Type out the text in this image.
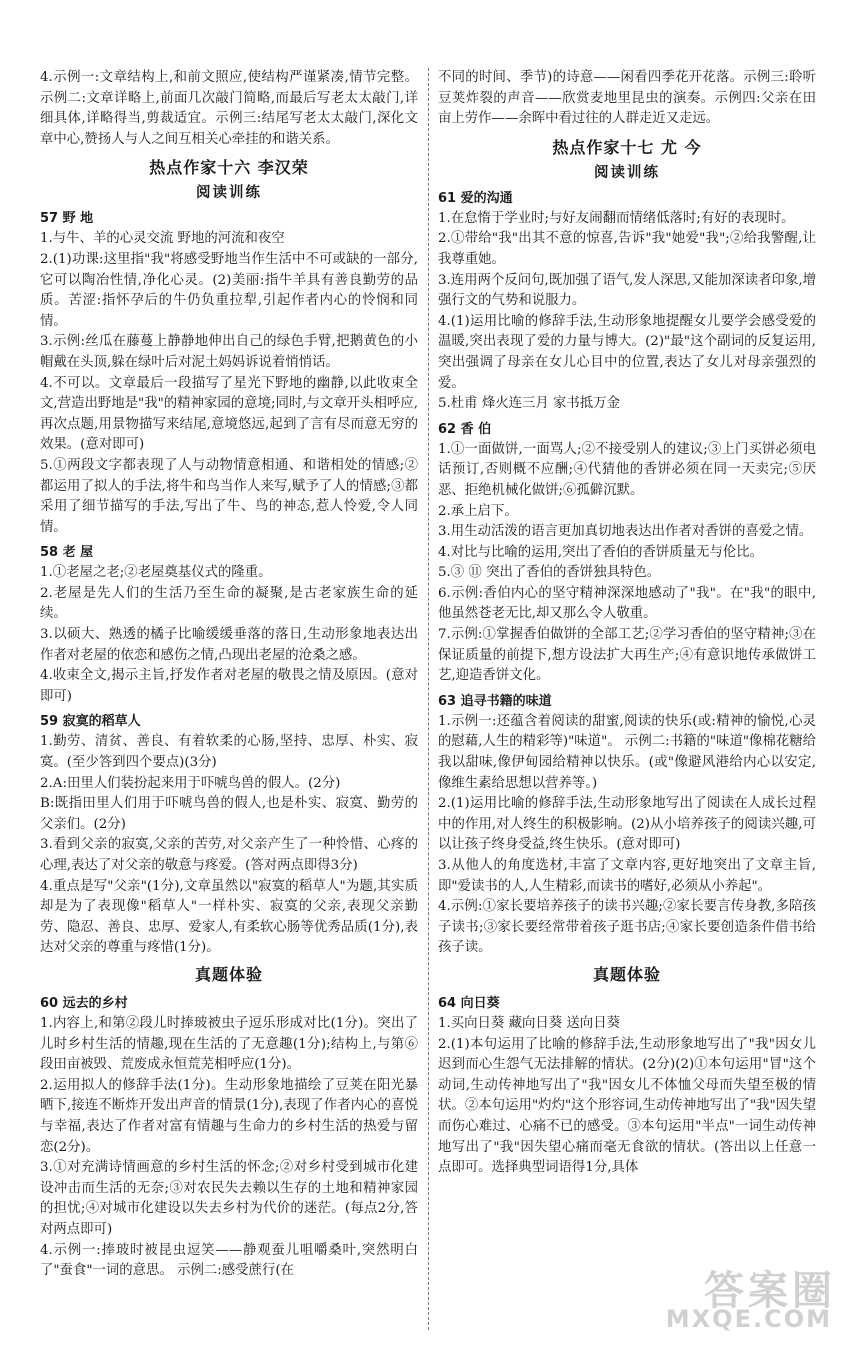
4.示例一:文章结构上,和前文照应,使结构严谨紧凑,情节完整。 示例二:文章详略上,前面几次敲门简略,而最后写老太太敲门,详细具体,详略得当,剪裁适宜。示例三:结尾写老太太敲门,深化文章中心,赞扬人与人之间互相关心牵挂的和谐关系。
热点作家十六 李汉荣
阅读训练
57 野 地
1.与牛、羊的心灵交流 野地的河流和夜空
2.(1)功课:这里指"我"将感受野地当作生活中不可或缺的一部分,它可以陶冶性情,净化心灵。(2)美丽:指牛羊具有善良勤劳的品质。苦涩:指怀孕后的牛仍负重拉犁,引起作者内心的怜悯和同情。
3.示例:丝瓜在藤蔓上静静地伸出自己的绿色手臂,把鹅黄色的小帽戴在头顶,躲在绿叶后对泥土妈妈诉说着悄悄话。
4.不可以。文章最后一段描写了星光下野地的幽静,以此收束全文,营造出野地是"我"的精神家园的意境;同时,与文章开头相呼应,再次点题,用景物描写来结尾,意境悠远,起到了言有尽而意无穷的效果。(意对即可)
5.①两段文字都表现了人与动物情意相通、和谐相处的情感;②都运用了拟人的手法,将牛和鸟当作人来写,赋予了人的情感;③都采用了细节描写的手法,写出了牛、鸟的神态,惹人怜爱,令人同情。
58 老 屋
1.①老屋之老;②老屋奠基仪式的隆重。
2.老屋是先人们的生活乃至生命的凝聚,是古老家族生命的延续。
3.以硕大、熟透的橘子比喻缓缓垂落的落日,生动形象地表达出作者对老屋的依恋和感伤之情,凸现出老屋的沧桑之感。
4.收束全文,揭示主旨,抒发作者对老屋的敬畏之情及原因。(意对即可)
59 寂寞的稻草人
1.勤劳、清贫、善良、有着软柔的心肠,坚持、忠厚、朴实、寂寞。(至少答到四个要点)(3分)
2.A:田里人们装扮起来用于吓唬鸟兽的假人。(2分)
B:既指田里人们用于吓唬鸟兽的假人,也是朴实、寂寞、勤劳的父亲们。(2分)
3.看到父亲的寂寞,父亲的苦劳,对父亲产生了一种怜惜、心疼的心理,表达了对父亲的敬意与疼爱。(答对两点即得3分)
4.重点是写"父亲"(1分),文章虽然以"寂寞的稻草人"为题,其实质却是为了表现像"稻草人"一样朴实、寂寞的父亲,表现父亲勤劳、隐忍、善良、忠厚、爱家人,有柔软心肠等优秀品质(1分),表达对父亲的尊重与疼惜(1分)。
真题体验
60 远去的乡村
1.内容上,和第②段儿时捧玻被虫子逗乐形成对比(1分)。突出了儿时乡村生活的情趣,现在生活的了无意趣(1分);结构上,与第⑥段田亩被毁、荒废成永恒荒芜相呼应(1分)。
2.运用拟人的修辞手法(1分)。生动形象地描绘了豆荚在阳光暴晒下,接连不断炸开发出声音的情景(1分),表现了作者内心的喜悦与幸福,表达了作者对富有情趣与生命力的乡村生活的热爱与留恋(2分)。
3.①对充满诗情画意的乡村生活的怀念;②对乡村受到城市化建设冲击而生活的无奈;③对农民失去赖以生存的土地和精神家园的担忧;④对城市化建设以失去乡村为代价的迷茫。(每点2分,答对两点即可)
4.示例一:捧玻时被昆虫逗笑——静观蚕儿咀嚼桑叶,突然明白了"蚕食"一词的意思。 示例二:感受蔗行(在
不同的时间、季节)的诗意——闲看四季花开花落。示例三:聆听豆荚炸裂的声音——欣赏麦地里昆虫的演奏。示例四:父亲在田亩上劳作——余晖中看过往的人群走近又走远。
热点作家十七 尤 今
阅读训练
61 爱的沟通
1.在怠惰于学业时;与好友闹翻而情绪低落时;有好的表现时。
2.①带给"我"出其不意的惊喜,告诉"我"她爱"我";②给我警醒,让我尊重她。
3.连用两个反问句,既加强了语气,发人深思,又能加深读者印象,增强行文的气势和说服力。
4.(1)运用比喻的修辞手法,生动形象地提醒女儿要学会感受爱的温暖,突出表现了爱的力量与博大。(2)"最"这个副词的反复运用,突出强调了母亲在女儿心目中的位置,表达了女儿对母亲强烈的爱。
5.杜甫 烽火连三月 家书抵万金
62 香 伯
1.①一面做饼,一面骂人;②不接受别人的建议;③上门买饼必须电话预订,否则概不应酬;④代猜他的香饼必须在同一天卖完;⑤厌恶、拒绝机械化做饼;⑥孤僻沉默。
2.承上启下。
3.用生动活泼的语言更加真切地表达出作者对香饼的喜爱之情。
4.对比与比喻的运用,突出了香伯的香饼质量无与伦比。
5.③ ⑪ 突出了香伯的香饼独具特色。
6.示例:香伯内心的坚守精神深深地感动了"我"。在"我"的眼中,他虽然苍老无比,却又那么令人敬重。
7.示例:①掌握香伯做饼的全部工艺;②学习香伯的坚守精神;③在保证质量的前提下,想方设法扩大再生产;④有意识地传承做饼工艺,迎造香饼文化。
63 追寻书籍的味道
1.示例一:还蕴含着阅读的甜蜜,阅读的快乐(或:精神的愉悦,心灵的慰藉,人生的精彩等)"味道"。 示例二:书籍的"味道"像棉花糖给我以甜味,像伊甸园给精神以快乐。(或"像避风港给内心以安定,像维生素给思想以营养等。)
2.(1)运用比喻的修辞手法,生动形象地写出了阅读在人成长过程中的作用,对人终生的积极影响。(2)从小培养孩子的阅读兴趣,可以让孩子终身受益,终生快乐。(意对即可)
3.从他人的角度选材,丰富了文章内容,更好地突出了文章主旨,即"爱读书的人,人生精彩,而读书的嗜好,必须从小养起"。
4.示例:①家长要培养孩子的读书兴趣;②家长要言传身教,多陪孩子读书;③家长要经常带着孩子逛书店;④家长要创造条件借书给孩子读。
真题体验
64 向日葵
1.买向日葵 藏向日葵 送向日葵
2.(1)本句运用了比喻的修辞手法,生动形象地写出了"我"因女儿迟到而心生怨气无法排解的情状。(2分)(2)①本句运用"冒"这个动词,生动传神地写出了"我"因女儿不体恤父母而失望至极的情状。②本句运用"灼灼"这个形容词,生动传神地写出了"我"因失望而伤心难过、心痛不已的感受。③本句运用"半点"一词生动传神地写出了"我"因失望心痛而毫无食欲的情状。(答出以上任意一点即可。选择典型词语得1分,具体
答案圈
MXQE.COM
